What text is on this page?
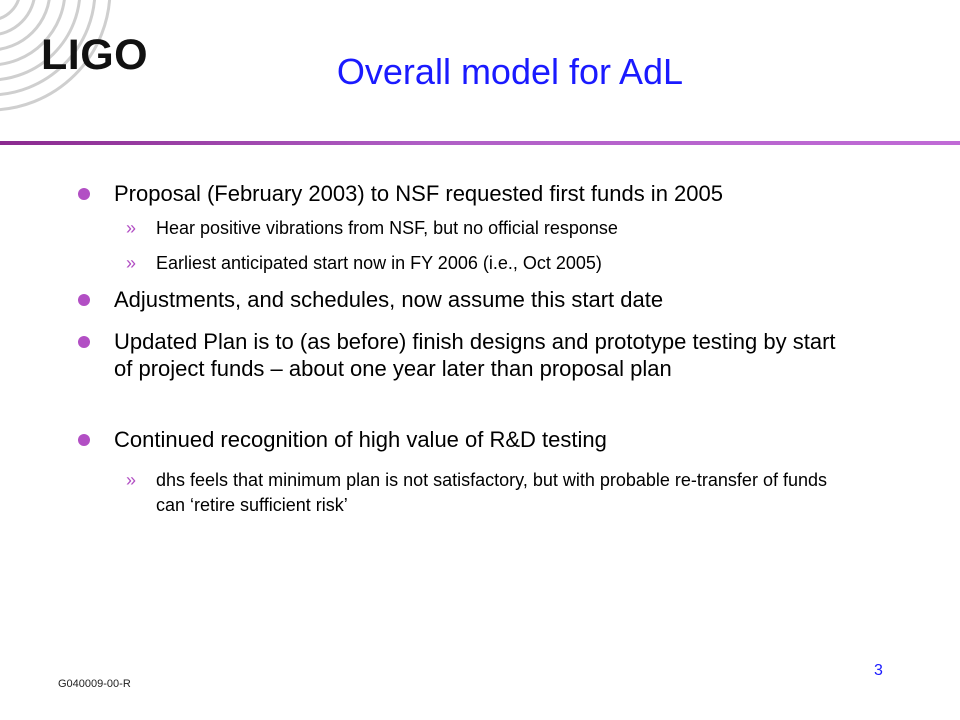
LIGO	Overall model for AdL
Proposal (February 2003) to NSF requested first funds in 2005
» Hear positive vibrations from NSF, but no official response
» Earliest anticipated start now in FY 2006 (i.e., Oct 2005)
Adjustments, and schedules, now assume this start date
Updated Plan is to (as before) finish designs and prototype testing by start of project funds – about one year later than proposal plan
Continued recognition of high value of R&D testing
» dhs feels that minimum plan is not satisfactory, but with probable re-transfer of funds can ‘retire sufficient risk’
G040009-00-R
3
